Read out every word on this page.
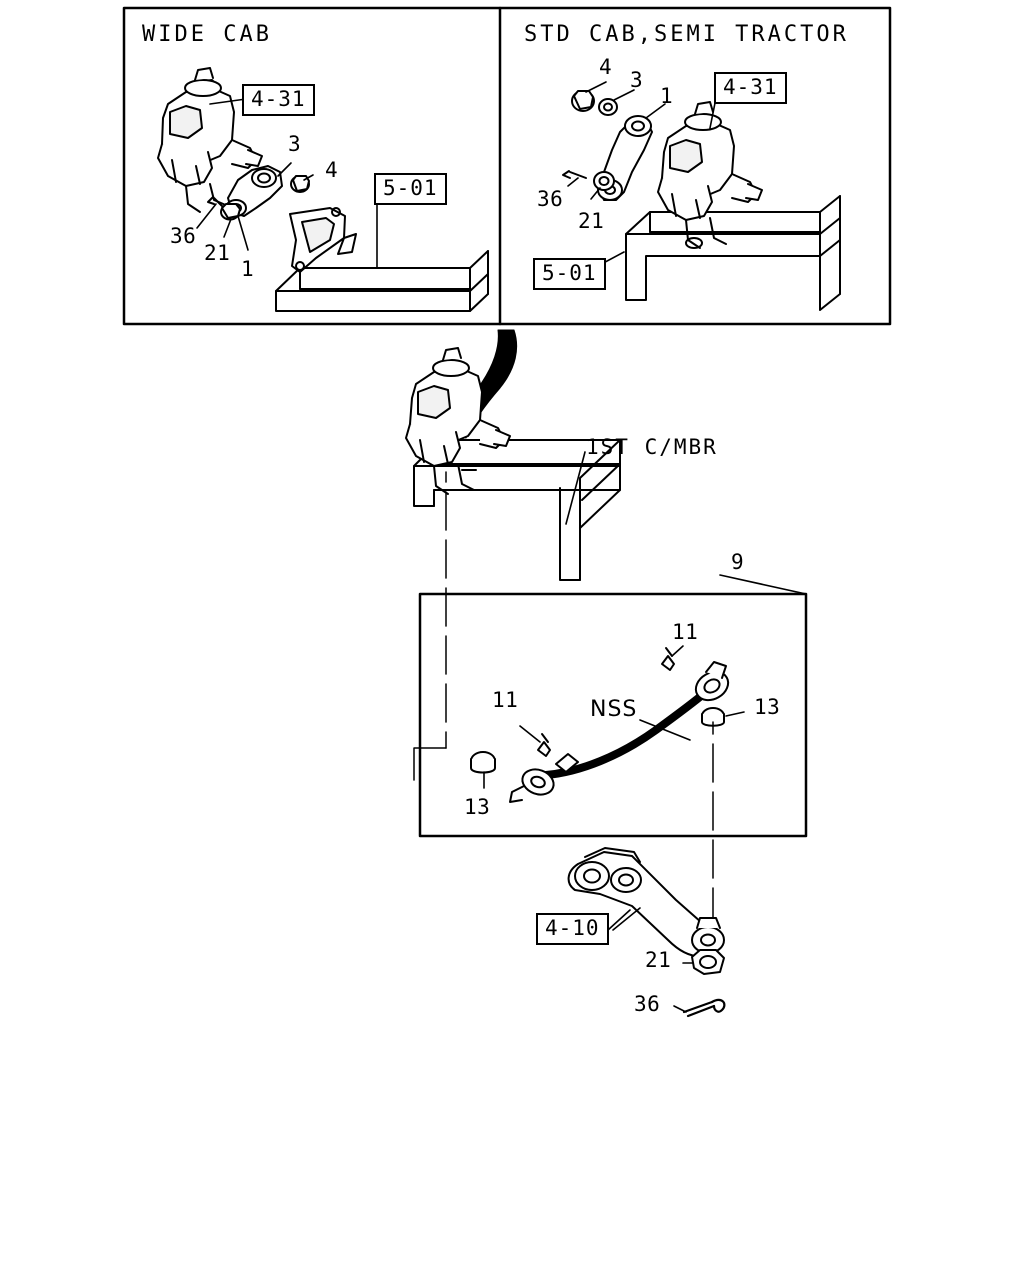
WIDE CAB	STD CAB,SEMI TRACTOR
4-31
5-01
4-31
5-01
4-10
3
4
36
21
1
4
3
1
36
21
1ST C/MBR
9
11
11	NSS	13
13
21
36
